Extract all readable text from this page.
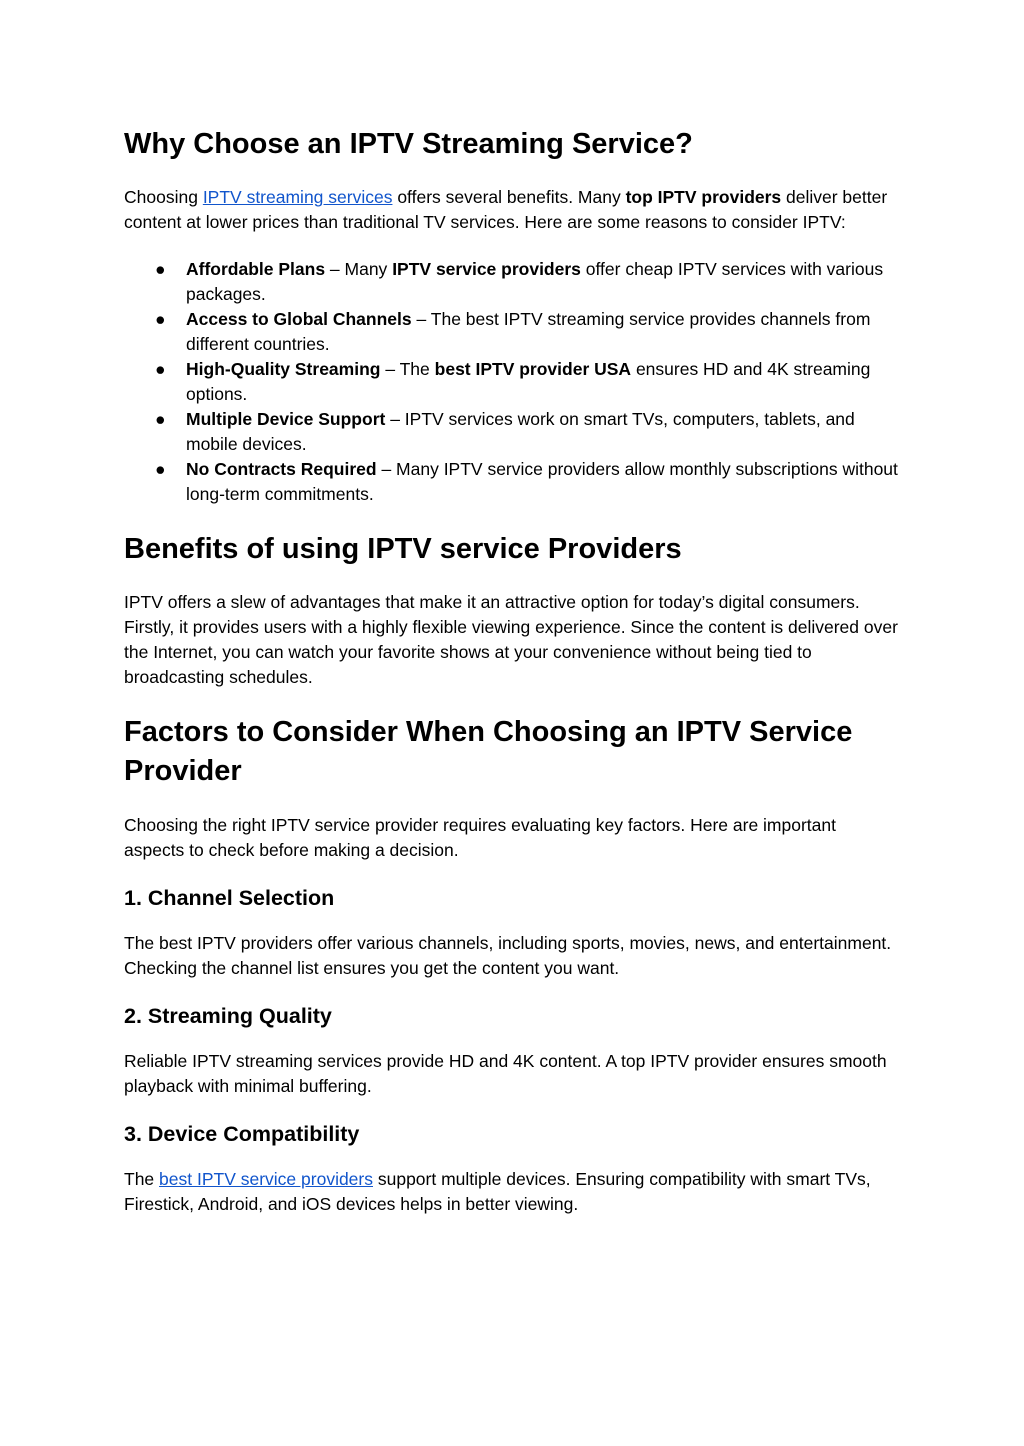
Why Choose an IPTV Streaming Service?

Choosing IPTV streaming services offers several benefits. Many top IPTV providers deliver better content at lower prices than traditional TV services. Here are some reasons to consider IPTV:

● Affordable Plans – Many IPTV service providers offer cheap IPTV services with various packages.
● Access to Global Channels – The best IPTV streaming service provides channels from different countries.
● High-Quality Streaming – The best IPTV provider USA ensures HD and 4K streaming options.
● Multiple Device Support – IPTV services work on smart TVs, computers, tablets, and mobile devices.
● No Contracts Required – Many IPTV service providers allow monthly subscriptions without long-term commitments.
Benefits of using IPTV service Providers

IPTV offers a slew of advantages that make it an attractive option for today’s digital consumers. Firstly, it provides users with a highly flexible viewing experience. Since the content is delivered over the Internet, you can watch your favorite shows at your convenience without being tied to broadcasting schedules.

Factors to Consider When Choosing an IPTV Service Provider

Choosing the right IPTV service provider requires evaluating key factors. Here are important aspects to check before making a decision.

1. Channel Selection

The best IPTV providers offer various channels, including sports, movies, news, and entertainment. Checking the channel list ensures you get the content you want.

2. Streaming Quality

Reliable IPTV streaming services provide HD and 4K content. A top IPTV provider ensures smooth playback with minimal buffering.

3. Device Compatibility

The best IPTV service providers support multiple devices. Ensuring compatibility with smart TVs, Firestick, Android, and iOS devices helps in better viewing.
